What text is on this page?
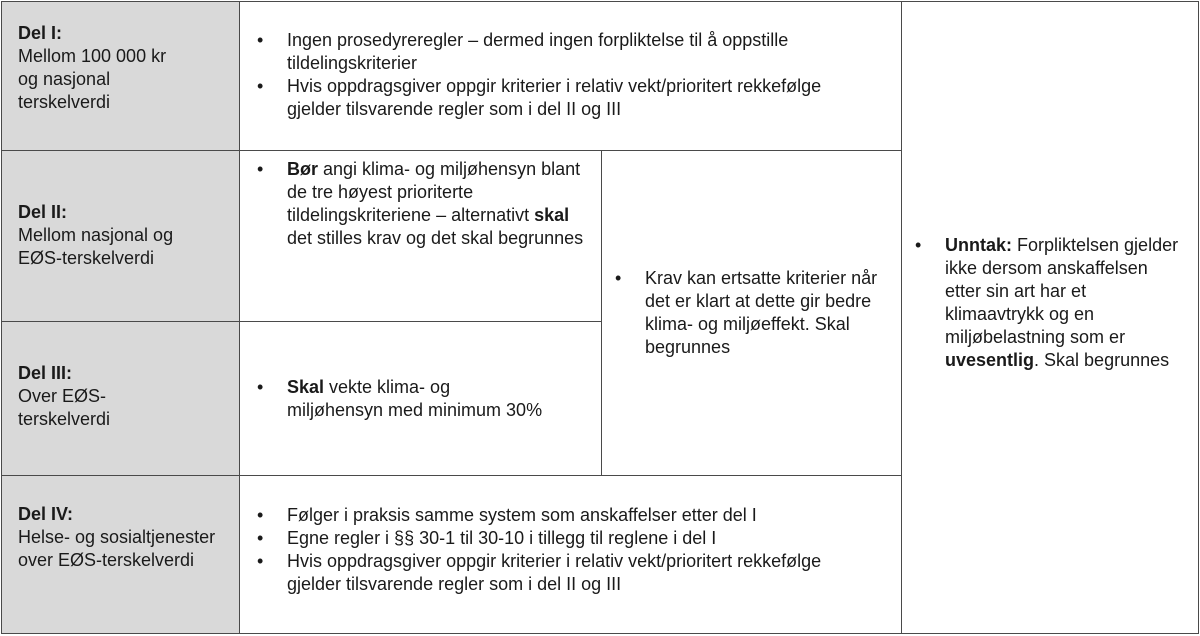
Del I:
Mellom 100 000 kr og nasjonal terskelverdi
• Ingen prosedyreregler – dermed ingen forpliktelse til å oppstille tildelingskriterier
• Hvis oppdragsgiver oppgir kriterier i relativ vekt/prioritert rekkefølge gjelder tilsvarende regler som i del II og III
Del II:
Mellom nasjonal og EØS-terskelverdi
• Bør angi klima- og miljøhensyn blant de tre høyest prioriterte tildelingskriteriene – alternativt skal det stilles krav og det skal begrunnes
Del III:
Over EØS-terskelverdi
• Skal vekte klima- og miljøhensyn med minimum 30%
• Krav kan ertsatte kriterier når det er klart at dette gir bedre klima- og miljøeffekt. Skal begrunnes
Del IV:
Helse- og sosialtjenester over EØS-terskelverdi
• Følger i praksis samme system som anskaffelser etter del I
• Egne regler i §§ 30-1 til 30-10 i tillegg til reglene i del I
• Hvis oppdragsgiver oppgir kriterier i relativ vekt/prioritert rekkefølge gjelder tilsvarende regler som i del II og III
• Unntak: Forpliktelsen gjelder ikke dersom anskaffelsen etter sin art har et klimaavtrykk og en miljøbelastning som er uvesentlig. Skal begrunnes
